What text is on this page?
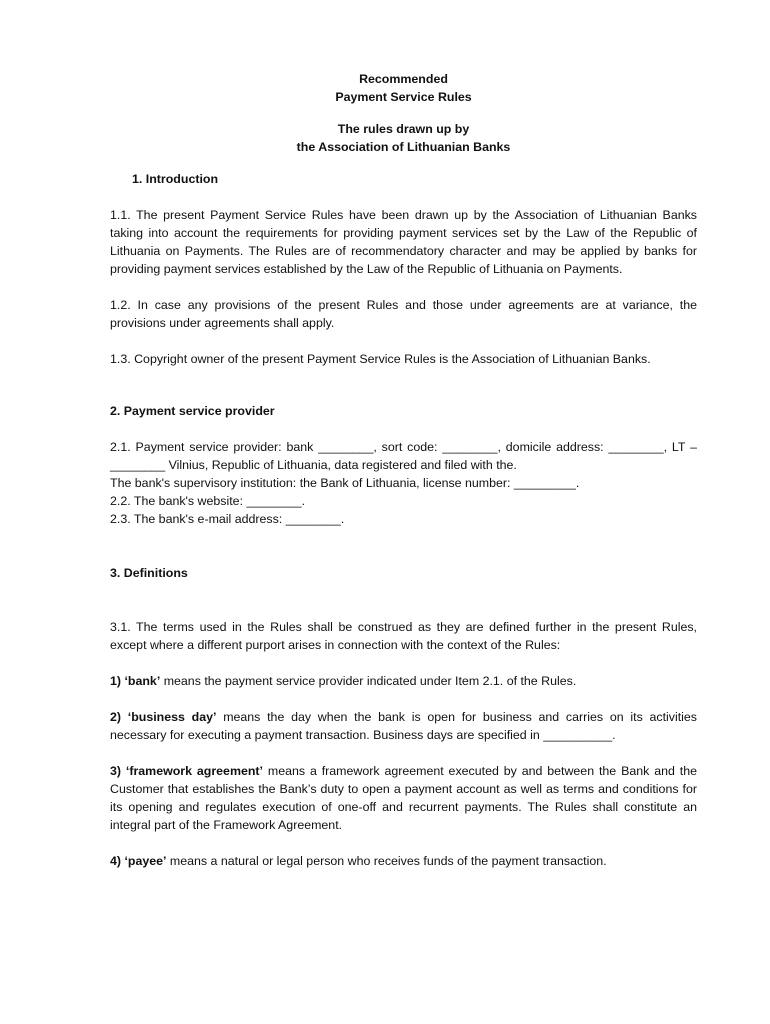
Recommended
Payment Service Rules
The rules drawn up by
the Association of Lithuanian Banks
1. Introduction

1.1. The present Payment Service Rules have been drawn up by the Association of Lithuanian Banks taking into account the requirements for providing payment services set by the Law of the Republic of Lithuania on Payments. The Rules are of recommendatory character and may be applied by banks for providing payment services established by the Law of the Republic of Lithuania on Payments.

1.2. In case any provisions of the present Rules and those under agreements are at variance, the provisions under agreements shall apply.

1.3. Copyright owner of the present Payment Service Rules is the Association of Lithuanian Banks.

2. Payment service provider

2.1. Payment service provider: bank ________, sort code: ________, domicile address: ________, LT –________ Vilnius, Republic of Lithuania, data registered and filed with the.

The bank's supervisory institution: the Bank of Lithuania, license number: _________.

2.2. The bank's website: ________.

2.3. The bank's e-mail address: ________.

3. Definitions

3.1. The terms used in the Rules shall be construed as they are defined further in the present Rules, except where a different purport arises in connection with the context of the Rules:

1) ‘bank’ means the payment service provider indicated under Item 2.1. of the Rules.

2) ‘business day’ means the day when the bank is open for business and carries on its activities necessary for executing a payment transaction. Business days are specified in __________.

3) ‘framework agreement’ means a framework agreement executed by and between the Bank and the Customer that establishes the Bank’s duty to open a payment account as well as terms and conditions for its opening and regulates execution of one-off and recurrent payments. The Rules shall constitute an integral part of the Framework Agreement.

4) ‘payee’ means a natural or legal person who receives funds of the payment transaction.
